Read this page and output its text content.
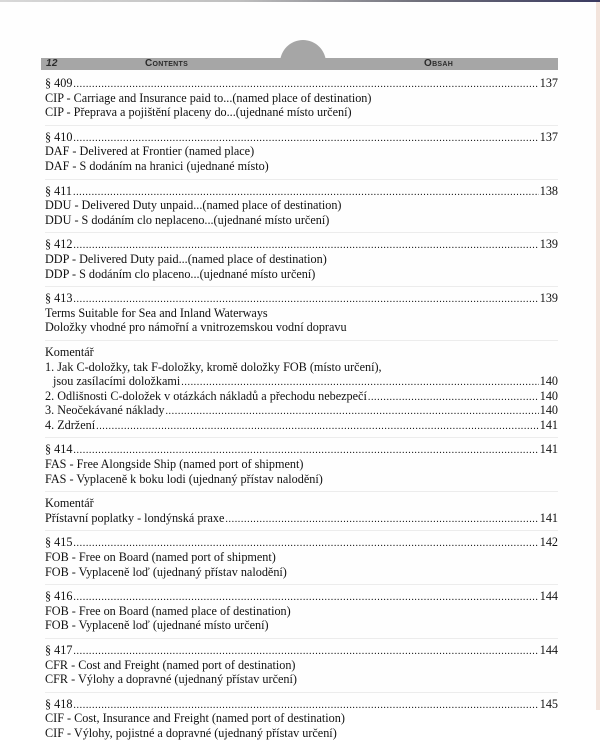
12	Contents	Obsah
§ 409 .....	137
CIP - Carriage and Insurance paid to...(named place of destination)
CIP - Přeprava a pojištění placeny do...(ujednané místo určení)
§ 410 .....	137
DAF - Delivered at Frontier (named place)
DAF - S dodáním na hranici (ujednané místo)
§ 411 .....	138
DDU - Delivered Duty unpaid...(named place of destination)
DDU - S dodáním clo neplaceno...(ujednané místo určení)
§ 412 .....	139
DDP - Delivered Duty paid...(named place of destination)
DDP - S dodáním clo placeno...(ujednané místo určení)
§ 413 .....	139
Terms Suitable for Sea and Inland Waterways
Doložky vhodné pro námořní a vnitrozemskou vodní dopravu
Komentář
1. Jak C-doložky, tak F-doložky, kromě doložky FOB (místo určení),
jsou zasílacími doložkami .....	140
2. Odlišnosti C-doložek v otázkách nákladů a přechodu nebezpečí .....	140
3. Neočekávané náklady .....	140
4. Zdržení .....	141
§ 414 .....	141
FAS - Free Alongside Ship (named port of shipment)
FAS - Vyplaceně k boku lodi (ujednaný přístav nalodění)
Komentář
Přístavní poplatky - londýnská praxe .....	141
§ 415 .....	142
FOB - Free on Board (named port of shipment)
FOB - Vyplaceně loď (ujednaný přístav nalodění)
§ 416 .....	144
FOB - Free on Board (named place of destination)
FOB - Vyplaceně loď (ujednané místo určení)
§ 417 .....	144
CFR - Cost and Freight (named port of destination)
CFR - Výlohy a dopravné (ujednaný přístav určení)
§ 418 .....	145
CIF - Cost, Insurance and Freight (named port of destination)
CIF - Výlohy, pojistné a dopravné (ujednaný přístav určení)
